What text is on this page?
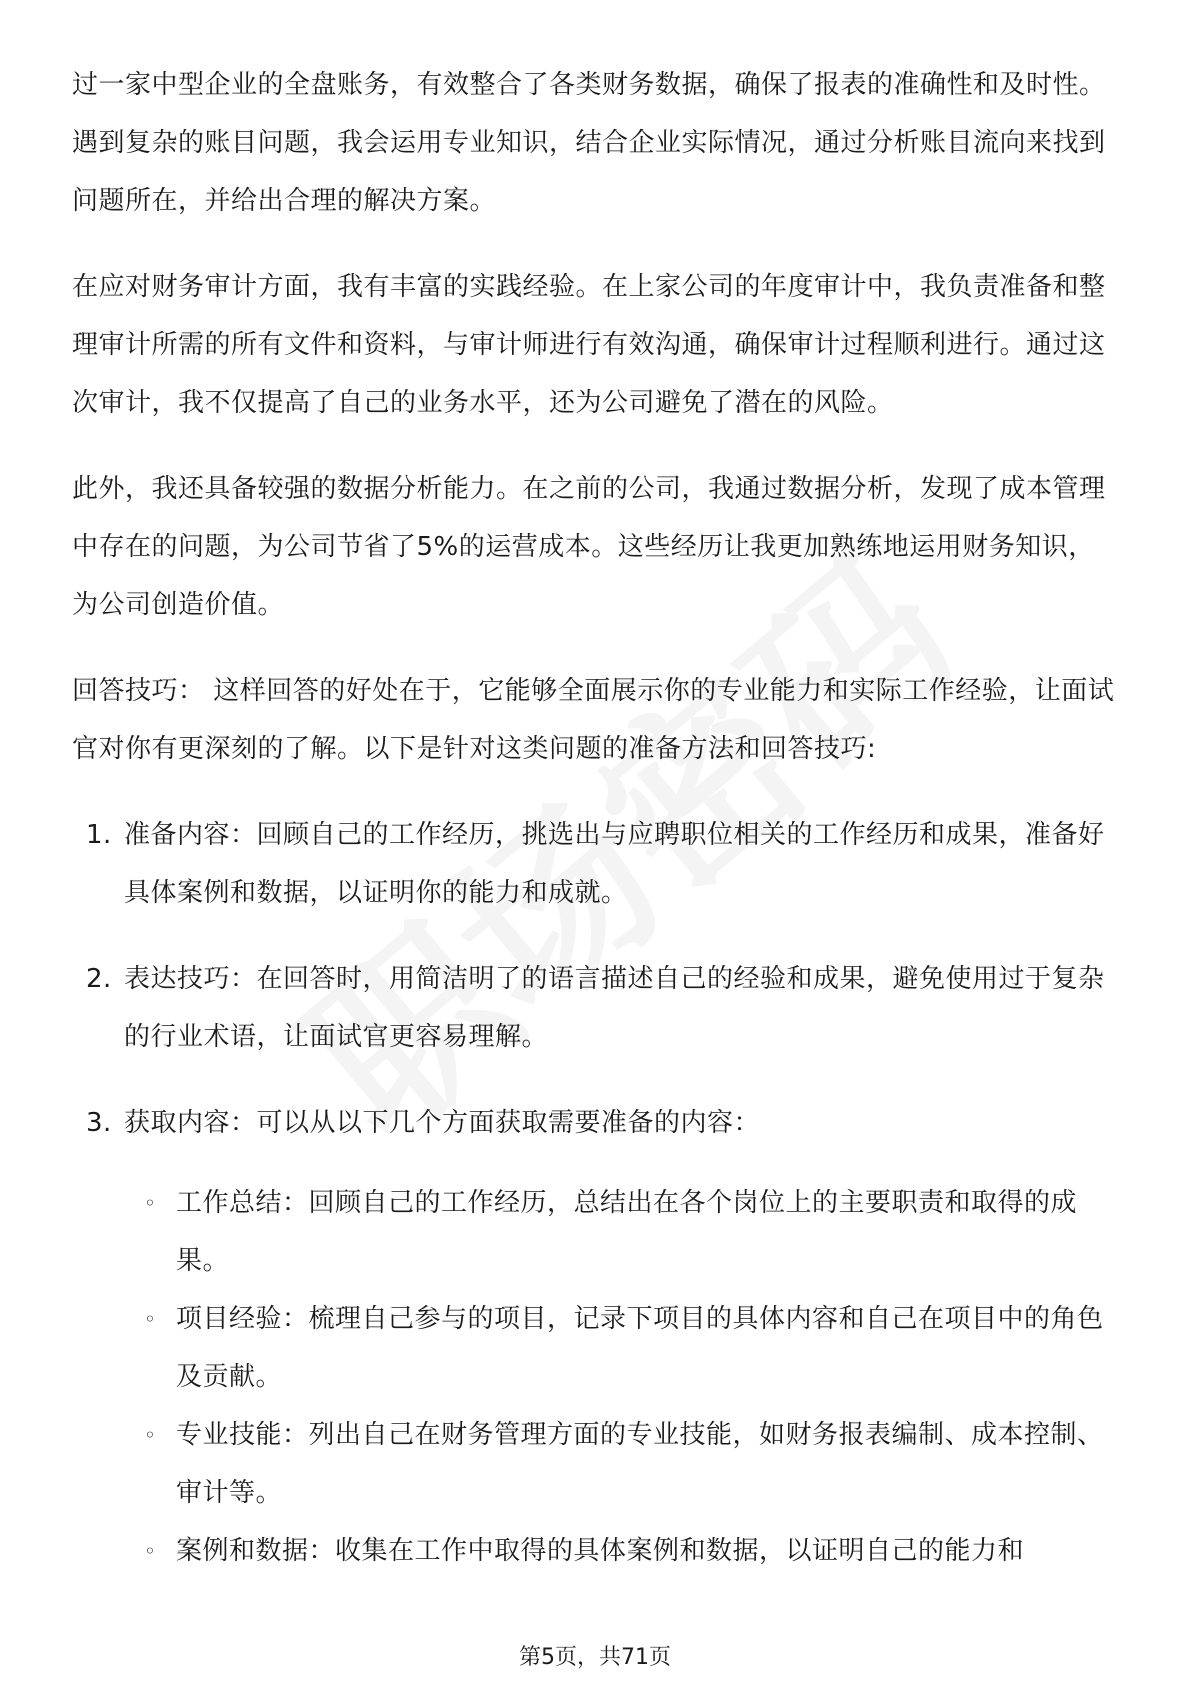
过一家中型企业的全盘账务，有效整合了各类财务数据，确保了报表的准确性和及时性。遇到复杂的账目问题，我会运用专业知识，结合企业实际情况，通过分析账目流向来找到问题所在，并给出合理的解决方案。

在应对财务审计方面，我有丰富的实践经验。在上家公司的年度审计中，我负责准备和整理审计所需的所有文件和资料，与审计师进行有效沟通，确保审计过程顺利进行。通过这次审计，我不仅提高了自己的业务水平，还为公司避免了潜在的风险。

此外，我还具备较强的数据分析能力。在之前的公司，我通过数据分析，发现了成本管理中存在的问题，为公司节省了5%的运营成本。这些经历让我更加熟练地运用财务知识，为公司创造价值。

回答技巧： 这样回答的好处在于，它能够全面展示你的专业能力和实际工作经验，让面试官对你有更深刻的了解。以下是针对这类问题的准备方法和回答技巧:

1. 准备内容：回顾自己的工作经历，挑选出与应聘职位相关的工作经历和成果，准备好具体案例和数据，以证明你的能力和成就。
2. 表达技巧：在回答时，用简洁明了的语言描述自己的经验和成果，避免使用过于复杂的行业术语，让面试官更容易理解。
3. 获取内容：可以从以下几个方面获取需要准备的内容：
◦ 工作总结：回顾自己的工作经历，总结出在各个岗位上的主要职责和取得的成果。
◦ 项目经验：梳理自己参与的项目，记录下项目的具体内容和自己在项目中的角色及贡献。
◦ 专业技能：列出自己在财务管理方面的专业技能，如财务报表编制、成本控制、审计等。
◦ 案例和数据：收集在工作中取得的具体案例和数据，以证明自己的能力和
第5页，共71页
